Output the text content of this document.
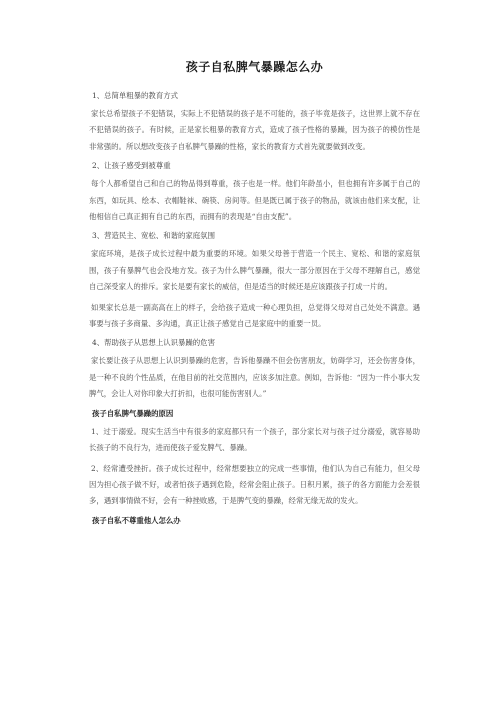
孩子自私脾气暴躁怎么办
1、总简单粗暴的教育方式

家长总希望孩子不犯错误，实际上不犯错误的孩子是不可能的，孩子毕竟是孩子，这世界上就不存在不犯错误的孩子。有时候，正是家长粗暴的教育方式，造成了孩子性格的暴躁，因为孩子的模仿性是非常强的。所以想改变孩子自私脾气暴躁的性格，家长的教育方式首先就要做到改变。

2、让孩子感受到被尊重

每个人都希望自己和自己的物品得到尊重，孩子也是一样。他们年龄虽小，但也拥有许多属于自己的东西，如玩具、绘本、衣帽鞋袜、碗筷、房间等。但是既已属于孩子的物品，就该由他们来支配，让他相信自己真正拥有自己的东西，而拥有的表现是“自由支配”。

3、营造民主、宽松、和谐的家庭氛围

家庭环境，是孩子成长过程中最为重要的环境。如果父母善于营造一个民主、宽松、和谐的家庭氛围，孩子有暴脾气也会没地方发。孩子为什么脾气暴躁，很大一部分原因在于父母不理解自己，感觉自己深受家人的排斥。家长是要有家长的威信，但是适当的时候还是应该跟孩子打成一片的。

如果家长总是一副高高在上的样子，会给孩子造成一种心理负担，总觉得父母对自己处处不满意。遇事要与孩子多商量、多沟通，真正让孩子感觉自己是家庭中的重要一员。

4、帮助孩子从思想上认识暴躁的危害

家长要让孩子从思想上认识到暴躁的危害，告诉他暴躁不但会伤害朋友，妨碍学习，还会伤害身体，是一种不良的个性品质，在他目前的社交范围内，应该多加注意。例如，告诉他：“因为一件小事大发脾气，会让人对你印象大打折扣，也很可能伤害别人。”

孩子自私脾气暴躁的原因

1、过于溺爱。现实生活当中有很多的家庭都只有一个孩子，部分家长对与孩子过分溺爱，就容易助长孩子的不良行为，进而使孩子爱发脾气、暴躁。

2、经常遭受挫折。孩子成长过程中，经常想要独立的完成一些事情，他们认为自己有能力，但父母因为担心孩子做不好，或者怕孩子遇到危险，经常会阻止孩子。日积月累，孩子的各方面能力会差很多，遇到事情做不好，会有一种挫败感，于是脾气变的暴躁，经常无缘无故的发火。

孩子自私不尊重他人怎么办
